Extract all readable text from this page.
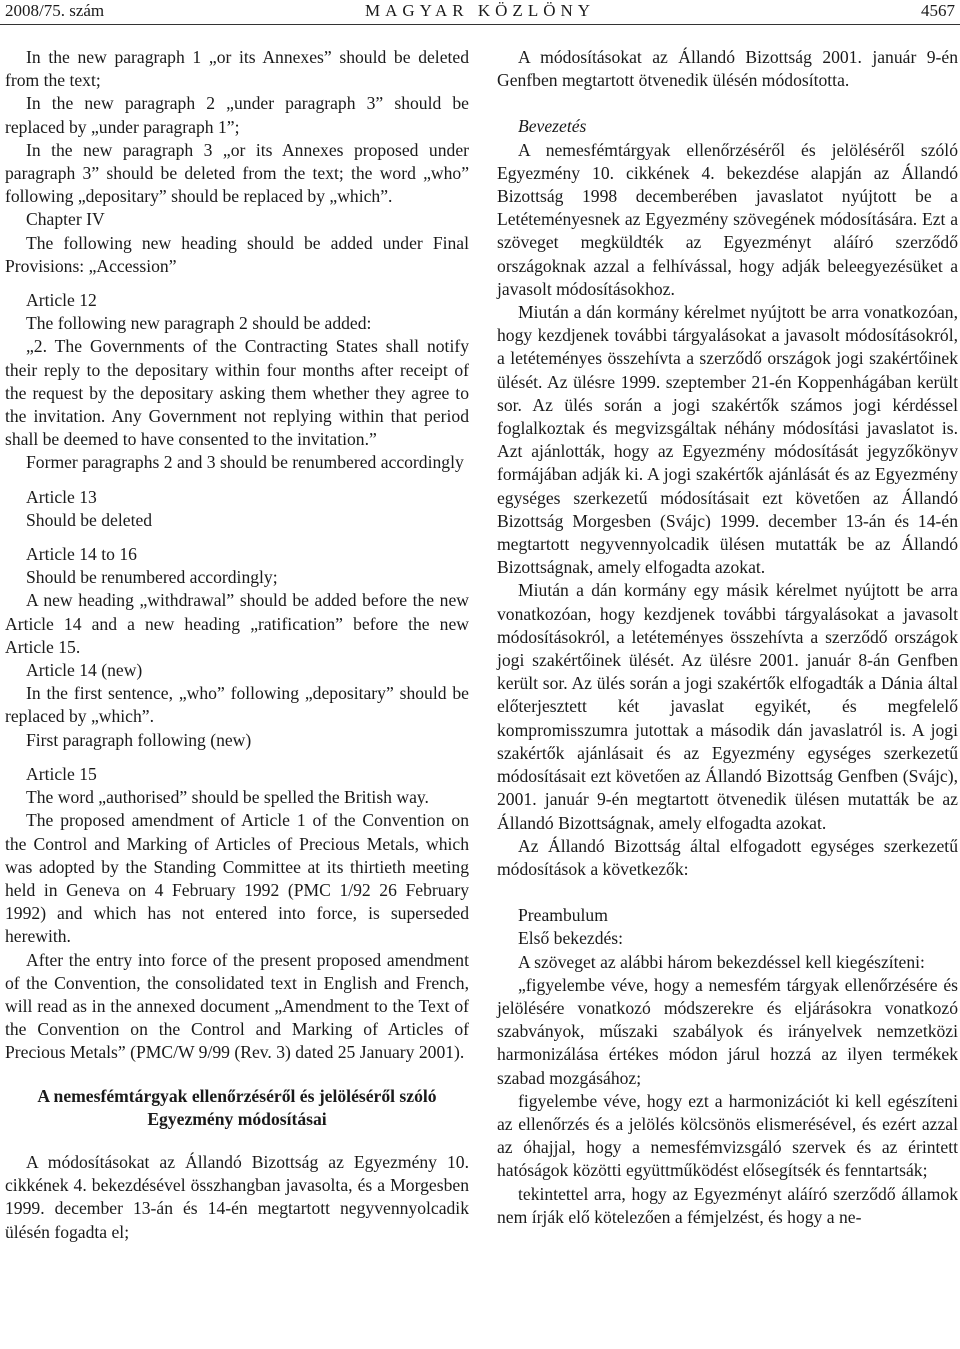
2008/75. szám	MAGYAR KÖZLÖNY	4567

In the new paragraph 1 „or its Annexes” should be deleted from the text;

In the new paragraph 2 „under paragraph 3” should be replaced by „under paragraph 1”;

In the new paragraph 3 „or its Annexes proposed under paragraph 3” should be deleted from the text; the word „who” following „depositary” should be replaced by „which”.

Chapter IV

The following new heading should be added under Final Provisions: „Accession”

Article 12

The following new paragraph 2 should be added:

„2. The Governments of the Contracting States shall notify their reply to the depositary within four months after receipt of the request by the depositary asking them whether they agree to the invitation. Any Government not replying within that period shall be deemed to have consented to the invitation.”

Former paragraphs 2 and 3 should be renumbered accordingly

Article 13

Should be deleted

Article 14 to 16

Should be renumbered accordingly;

A new heading „withdrawal” should be added before the new Article 14 and a new heading „ratification” before the new Article 15.

Article 14 (new)

In the first sentence, „who” following „depositary” should be replaced by „which”.

First paragraph following (new)

Article 15

The word „authorised” should be spelled the British way.

The proposed amendment of Article 1 of the Convention on the Control and Marking of Articles of Precious Metals, which was adopted by the Standing Committee at its thirtieth meeting held in Geneva on 4 February 1992 (PMC 1/92 26 February 1992) and which has not entered into force, is superseded herewith.

After the entry into force of the present proposed amendment of the Convention, the consolidated text in English and French, will read as in the annexed document „Amendment to the Text of the Convention on the Control and Marking of Articles of Precious Metals” (PMC/W 9/99 (Rev. 3) dated 25 January 2001).

A nemesfémtárgyak ellenőrzéséről és jelöléséről szóló Egyezmény módosításai

A módosításokat az Állandó Bizottság az Egyezmény 10. cikkének 4. bekezdésével összhangban javasolta, és a Morgesben 1999. december 13-án és 14-én megtartott negyvennyolcadik ülésén fogadta el;

A módosításokat az Állandó Bizottság 2001. január 9-én Genfben megtartott ötvenedik ülésén módosította.

Bevezetés

A nemesfémtárgyak ellenőrzéséről és jelöléséről szóló Egyezmény 10. cikkének 4. bekezdése alapján az Állandó Bizottság 1998 decemberében javaslatot nyújtott be a Letéteményesnek az Egyezmény szövegének módosítására. Ezt a szöveget megküldték az Egyezményt aláíró szerződő országoknak azzal a felhívással, hogy adják beleegyezésüket a javasolt módosításokhoz.

Miután a dán kormány kérelmet nyújtott be arra vonatkozóan, hogy kezdjenek további tárgyalásokat a javasolt módosításokról, a letéteményes összehívta a szerződő országok jogi szakértőinek ülését. Az ülésre 1999. szeptember 21-én Koppenhágában került sor. Az ülés során a jogi szakértők számos jogi kérdéssel foglalkoztak és megvizsgáltak néhány módosítási javaslatot is. Azt ajánlották, hogy az Egyezmény módosítását jegyzőkönyv formájában adják ki. A jogi szakértők ajánlását és az Egyezmény egységes szerkezetű módosításait ezt követően az Állandó Bizottság Morgesben (Svájc) 1999. december 13-án és 14-én megtartott negyvennyolcadik ülésen mutatták be az Állandó Bizottságnak, amely elfogadta azokat.

Miután a dán kormány egy másik kérelmet nyújtott be arra vonatkozóan, hogy kezdjenek további tárgyalásokat a javasolt módosításokról, a letéteményes összehívta a szerződő országok jogi szakértőinek ülését. Az ülésre 2001. január 8-án Genfben került sor. Az ülés során a jogi szakértők elfogadták a Dánia által előterjesztett két javaslat egyikét, és megfelelő kompromisszumra jutottak a második dán javaslatról is. A jogi szakértők ajánlásait és az Egyezmény egységes szerkezetű módosításait ezt követően az Állandó Bizottság Genfben (Svájc), 2001. január 9-én megtartott ötvenedik ülésen mutatták be az Állandó Bizottságnak, amely elfogadta azokat.

Az Állandó Bizottság által elfogadott egységes szerkezetű módosítások a következők:

Preambulum

Első bekezdés:

A szöveget az alábbi három bekezdéssel kell kiegészíteni:

„figyelembe véve, hogy a nemesfém tárgyak ellenőrzésére és jelölésére vonatkozó módszerekre és eljárásokra vonatkozó szabványok, műszaki szabályok és irányelvek nemzetközi harmonizálása értékes módon járul hozzá az ilyen termékek szabad mozgásához;

figyelembe véve, hogy ezt a harmonizációt ki kell egészíteni az ellenőrzés és a jelölés kölcsönös elismerésével, és ezért azzal az óhajjal, hogy a nemesfémvizsgáló szervek és az érintett hatóságok közötti együttműködést elősegítsék és fenntartsák;

tekintettel arra, hogy az Egyezményt aláíró szerződő államok nem írják elő kötelezően a fémjelzést, és hogy a ne-
